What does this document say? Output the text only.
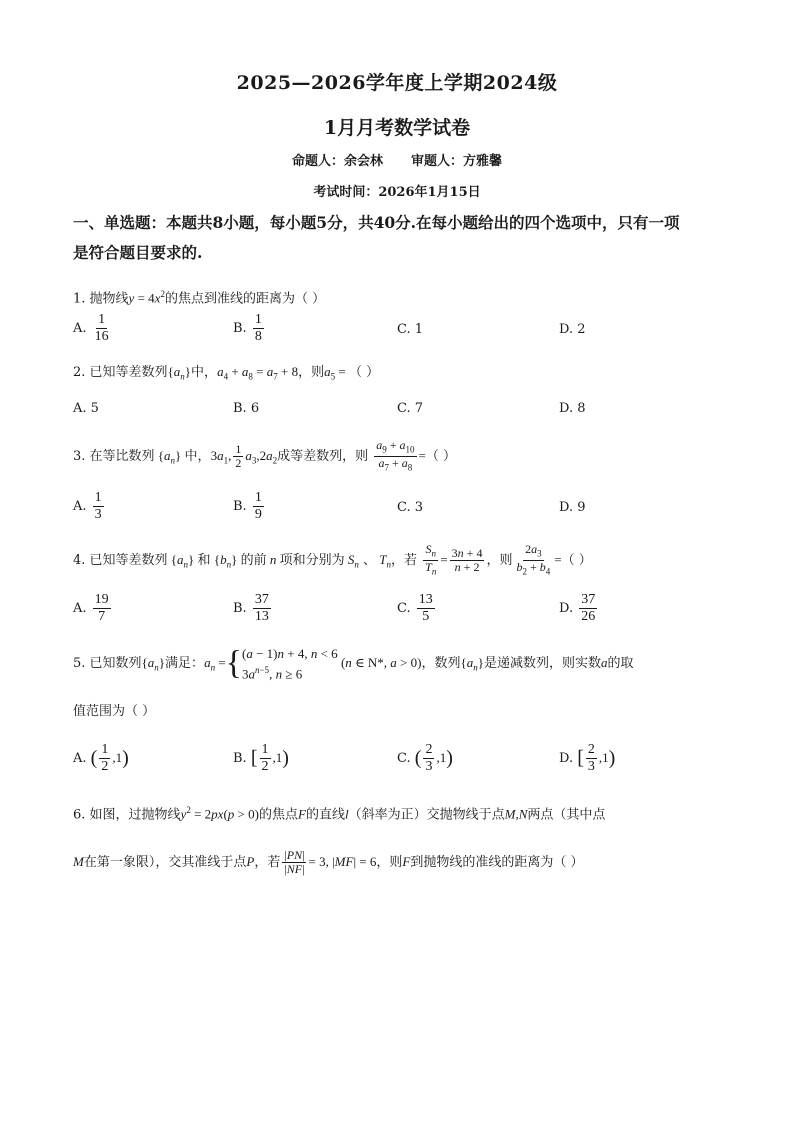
2025—2026学年度上学期2024级
1月月考数学试卷
命题人：余会林 审题人：方雅馨
考试时间：2026年1月15日
一、单选题：本题共8小题，每小题5分，共40分.在每小题给出的四个选项中，只有一项
是符合题目要求的.
1. 抛物线$y = 4x^2$的焦点到准线的距离为（ ）
A. $\frac{1}{16}$	B. $\frac{1}{8}$	C. 1	D. 2
2. 已知等差数列$\{a_n\}$中，$a_4 + a_8 = a_7 + 8$，则$a_5$ = （ ）
A. 5	B. 6	C. 7	D. 8
3. 在等比数列 $\{a_n\}$ 中，$3a_1$, $\frac{1}{2} a_3,2a_2$成等差数列，则 $\frac{a_9 + a_{10}}{a_7 + a_8}$ =（ ）
A. $\frac{1}{3}$	B. $\frac{1}{9}$	C. 3	D. 9
4. 已知等差数列 $\{a_n\}$ 和 $\{b_n\}$ 的前 n 项和分别为 $S_n$ 、 $T_n$，若 $\frac{S_n}{T_n} = \frac{3n + 4}{n + 2}$ ，则 $\frac{2a_3}{b_2 + b_4}$ =（ ）
A. $\frac{19}{7}$	B. $\frac{37}{13}$	C. $\frac{13}{5}$	D. $\frac{37}{26}$
5. 已知数列$\{a_n\}$满足：$a_n$ ={ (a − 1)n + 4, n < 6
$3a^{n-5}$, n ≥ 6
(n ∈ N*, a > 0)，数列$\{a_n\}$是递减数列，则实数a的取
值范围为（ ）
A. ( $\frac{1}{2} ,1$)	B. [ $\frac{1}{2} ,1$)	C. ( $\frac{2}{3} ,1$)	D. [ $\frac{2}{3} ,1$)
6. 如图，过抛物线$y^2 = 2px(p > 0)$的焦点F的直线l（斜率为正）交抛物线于点M,N两点（其中点
M在第一象限），交其准线于点P，若 $\frac{|PN|}{|NF|} = 3$, |MF| = 6，则F到抛物线的准线的距离为（ ）
